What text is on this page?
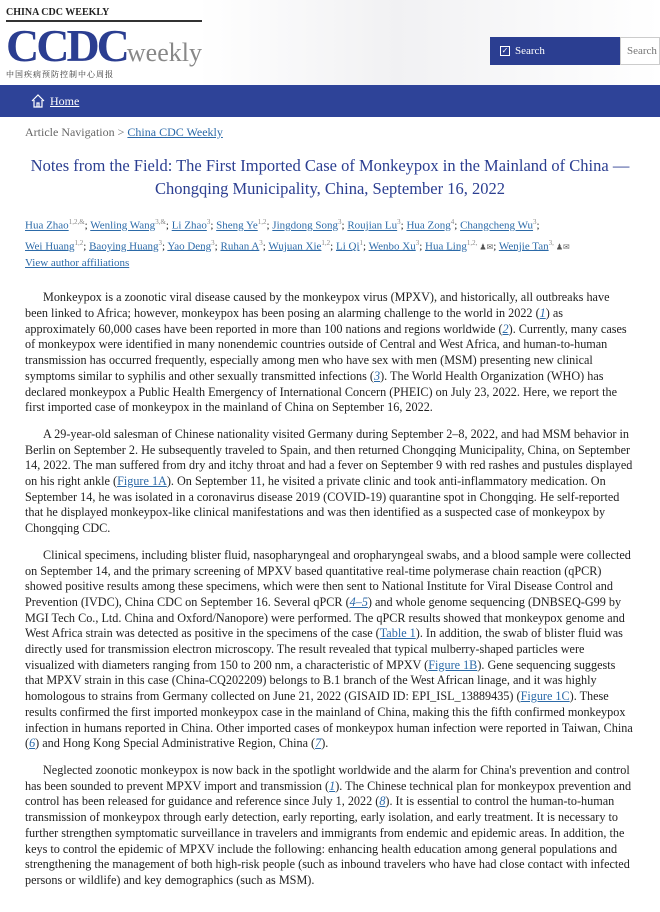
CHINA CDC WEEKLY
CCDCweekly
中国疾病预防控制中心周报
✓ Search
Search
Home
Article Navigation > China CDC Weekly
Notes from the Field: The First Imported Case of Monkeypox in the Mainland of China — Chongqing Municipality, China, September 16, 2022
Hua Zhao$^{1,2,\&}$; Wenling Wang$^{3,\&}$; Li Zhao$^3$; Sheng Ye$^{1,2}$; Jingdong Song$^3$; Roujian Lu$^3$; Hua Zong$^4$; Changcheng Wu$^3$;
Wei Huang$^{1,2}$; Baoying Huang$^3$; Yao Deng$^3$; Ruhan $A^3$; Wujuan Xie$^{1,2}$; Li Qi$^1$; Wenbo Xu$^3$; Hua Ling$^{1,2,}$ ♟✉; Wenjie Tan$^{3,}$ ♟✉
View author affiliations

Monkeypox is a zoonotic viral disease caused by the monkeypox virus (MPXV), and historically, all outbreaks have been linked to Africa; however, monkeypox has been posing an alarming challenge to the world in 2022 (1) as approximately 60,000 cases have been reported in more than 100 nations and regions worldwide (2). Currently, many cases of monkeypox were identified in many nonendemic countries outside of Central and West Africa, and human-to-human transmission has occurred frequently, especially among men who have sex with men (MSM) presenting new clinical symptoms similar to syphilis and other sexually transmitted infections (3). The World Health Organization (WHO) has declared monkeypox a Public Health Emergency of International Concern (PHEIC) on July 23, 2022. Here, we report the first imported case of monkeypox in the mainland of China on September 16, 2022.

A 29-year-old salesman of Chinese nationality visited Germany during September 2–8, 2022, and had MSM behavior in Berlin on September 2. He subsequently traveled to Spain, and then returned Chongqing Municipality, China, on September 14, 2022. The man suffered from dry and itchy throat and had a fever on September 9 with red rashes and pustules displayed on his right ankle (Figure 1A). On September 11, he visited a private clinic and took anti-inflammatory medication. On September 14, he was isolated in a coronavirus disease 2019 (COVID-19) quarantine spot in Chongqing. He self-reported that he displayed monkeypox-like clinical manifestations and was then identified as a suspected case of monkeypox by Chongqing CDC.

Clinical specimens, including blister fluid, nasopharyngeal and oropharyngeal swabs, and a blood sample were collected on September 14, and the primary screening of MPXV based quantitative real-time polymerase chain reaction (qPCR) showed positive results among these specimens, which were then sent to National Institute for Viral Disease Control and Prevention (IVDC), China CDC on September 16. Several qPCR (4–5) and whole genome sequencing (DNBSEQ-G99 by MGI Tech Co., Ltd. China and Oxford/Nanopore) were performed. The qPCR results showed that monkeypox genome and West Africa strain was detected as positive in the specimens of the case (Table 1). In addition, the swab of blister fluid was directly used for transmission electron microscopy. The result revealed that typical mulberry-shaped particles were visualized with diameters ranging from 150 to 200 nm, a characteristic of MPXV (Figure 1B). Gene sequencing suggests that MPXV strain in this case (China-CQ202209) belongs to B.1 branch of the West African linage, and it was highly homologous to strains from Germany collected on June 21, 2022 (GISAID ID: EPI_ISL_13889435) (Figure 1C). These results confirmed the first imported monkeypox case in the mainland of China, making this the fifth confirmed monkeypox infection in humans reported in China. Other imported cases of monkeypox human infection were reported in Taiwan, China (6) and Hong Kong Special Administrative Region, China (7).

Neglected zoonotic monkeypox is now back in the spotlight worldwide and the alarm for China's prevention and control has been sounded to prevent MPXV import and transmission (1). The Chinese technical plan for monkeypox prevention and control has been released for guidance and reference since July 1, 2022 (8). It is essential to control the human-to-human transmission of monkeypox through early detection, early reporting, early isolation, and early treatment. It is necessary to further strengthen symptomatic surveillance in travelers and immigrants from endemic and epidemic areas. In addition, the keys to control the epidemic of MPXV include the following: enhancing health education among general populations and strengthening the management of both high-risk people (such as inbound travelers who have had close contact with infected persons or wildlife) and key demographics (such as MSM).
